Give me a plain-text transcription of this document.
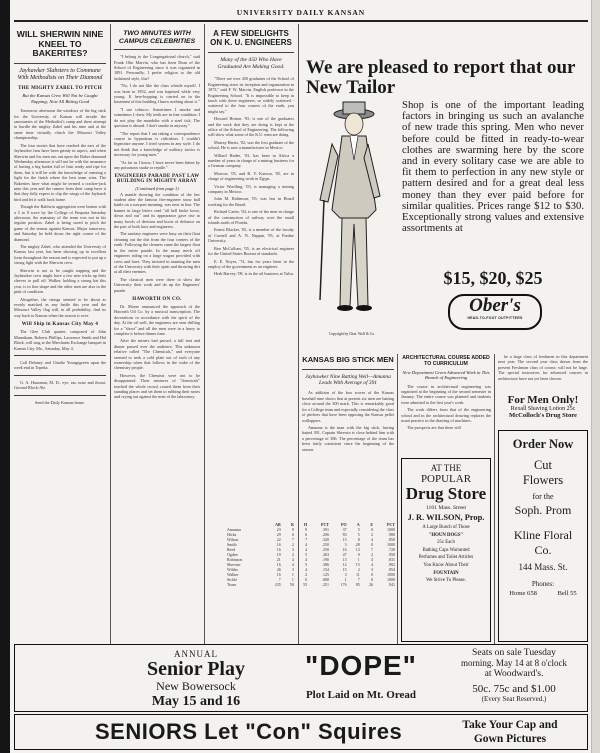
UNIVERSITY DAILY KANSAN
WILL SHERWIN NINE KNEEL TO BAKERITES?
Jayhawker Slabsters to Commune With Methodists on Their Diamond
THE MIGHTY ZABEL TO PITCH
But the Kansas Crew Will Not be Caught Napping; Now All Bitting Good

Tomorrow afternoon the windows of the big stick for the University of Kansas will invade the sanctuaries of the Methodist's camp and there attempt to hurdle the mighty Zabel and his nine and at the same time virtually clinch the Missouri Valley championship.

The four stories that have reached the ears of the Jayhawker fans have been grimly in aspect, and when Sherwin and his men run out upon the Baker diamond Wednesday afternoon it will not be with the assurance of having a big basket full of fruit ready and ripe for them, but it will be with the knowledge of entering a fight for the finish where the best team wins. The Bakerites have what might be termed a cracker-jack nine this year and the rumors from their camp have it that they fully expect to clip the wings of the Jayhawk bird and let it walk back home.

Though the Baldwin aggregation were beaten with a 5 to 0 score by the College of Emporia Saturday afternoon, the mainstay of the team was not in his regular position. Zabel is being saved to pitch the game of the season against Kansas. Major tomorrow, and Saturday he held down the right corner of the diamond.

The mighty Zabel, who attended the University of Kansas last year, has been showing up in excellent form throughout the season and is expected to put up a strong fight with the Sherwin crew.

Sherwin is not to be caught napping and the Jayhawker crew might have a few new tricks up their sleeves to pull off. Walker, holding a strong bat this year, is in fine shape and the other men are also in the pink of condition.

Altogether, the strings seemed to be about as evenly matched as any battle this year and the Missouri Valley flag will, in all probability, find its way back to Kansas when the season is over.

Will Ship in Kansas City May 4

The Glee Club quartet, composed of John Mannikam, Roberts Phillips, Lawrence Smith and Hal Black, will sing at the Merchants Exchange banquet in Kansas City, Mo., Saturday, May 4.

Call Delaney and Charlie Youngsgreen upon the week end in Topeka.

G. A. Hausman, M. D., eye, ear, nose and throat. Ground Block-Ale.

Send the Daily Kansan home.

TWO MINUTES WITH CAMPUS CELEBRITIES

"I belong to the Congregational church," said Frank Olin Marvin, who has been Dean of the School of Engineering since it was organized in 1891. Personally, I prefer religion to the old fashioned style, this?

"No, I do not like the class whistle myself. I was born in 1852, and was baptized while very young. If here-hopping is carried on in the basement of this building I know nothing about it."

"I use tobacco. Sometimes I smoke and sometimes I chew. My teeth are in fine condition. I do not play the mandolin with a steel tick. The question is absurd. I don't smoke in anyway."

"The report that I am taking a correspondence course in hypnotism is ridiculous. I couldn't hypnotize anyone. I tried system in any style. I do not think that a knowledge of military tactics is necessary for young men."

"As far as I know, I have never been bitten by any poisonous snake or reptile."

ENGINEERS PARADE PAST LAW BUILDING IN MIGHTY ARRAY
(Continued from page 1)

A mantle showing the condition of the law student after the famous fire-engineer snow ball battle on a sun-part meaning, was next in line. The banner in large letters read "all hell broke loose, down and out" and its appearance gave rise to many howls of derision and hoots of defiance on the part of both laws and engineers.

The sanitary engineers were busy on their float cleaning out the dirt from the four corners of the earth. Following the cleaners came the largest float in the entire parade. In the many mech off engineers riding on a large wagon provided with cross and hues. They insisted in taunting the men of the University with their spirit and throwing dirt at all their enemies.

The classical men were there to show the University their work and do up the Engineers' parade.

HAWORTH ON CO.

Dr. Moore announced the approach of the Haworth Oil Co. by a musical transcription. The decorations in accordance with the spirit of the day. At the oil well, the engineers are seen drilling for a "shoot" and all the men were in a hurry to complete it before dinner time.

After the miners had passed, a full tent and dinner passed over the audience. This unknown relative called "The Chemicals," and everyone seemed to seek a cold plate out of each of any ownership when that follows in the wake of the chemistry people.

However, the Chemists were not to be disappointed. Their mixtures of "chemicals" reached the whole crowd, routed them from their standing places and set them to rubbing their noses and crying out against the men of the laboratory.

A FEW SIDELIGHTS ON K. U. ENGINEERS
Many of the 450 Who Have Graduated Are Making Good.

"There are over 450 graduates of the School of Engineering since its inception and organization in 1873," said F. W. Marvin, English professor in the Engineering School. "It is impossible to keep in touch with these engineers, so widely scattered - scattered to the four corners of the earth, you might say."

Howard Horton, '95, is one of the graduates and the work that they are doing is kept at the office of the School of Engineering. The following will show what some of the K.U. men are doing.

Murray Harris, '02, was the first graduate of the school. He is now a manufacturer in Mexico.

Willard Hadee, '03, has been in Africa a number of years in charge of a mining business for a German company.

Morrow, '05, and R. Y. Kaeson, '05, are in charge of engineering work in Egypt.

Victor Woolling, '03, is managing a mining company in Mexico.

John M. Robinson, '05, was last in Brazil working for the Brazil.

Richard Carter, '04, is one of the men in charge of the construction of railway over the small islands north of Florida.

Ernest Blacker, '05, is a member of the faculty of Cornell and A. N. Nappin, '95, at Purdue University.

Ben McCollum, '05, is an electrical engineer for the United States Bureau of standards.

E. E. Noyes, '74, has for years been in the employ of the government as an engineer.

Herb Harvey, '08, is in the oil business at Tulsa.

We are pleased to report that our New Tailor
Copyright by Chas. Wolf & Co.
Shop is one of the important leading factors in bringing us such an avalanche of new trade this spring. Men who never before could be fitted in ready-to-wear clothes are swarming here by the score and in every solitary case we are able to fit them to perfection in any new style or pattern desired and for a great deal less money than they ever paid before for similar qualities. Prices range $12 to $30. Exceptionally strong values and extensive assortments at
$15, $20, $25
Ober's
HEAD-TO-FOOT OUTFITTERS
KANSAS BIG STICK MEN
Jayhawker Nine Batting Well—Amunna Leads With Average of 391

As addition of the box scores of the Kansas baseball nine shows that at present six men are batting close around the 300 mark. This is remarkably good for a College team and especially considering the class of pitchers that have been opposing the Kansas pellet walloppers.

Amunna is the man with the big stick, having batted 391. Captain Sherwin is close behind him with a percentage of 386. The percentage of the team has been fairly consistent since the beginning of the season.

	AB	R	H	PCT	PO	A	E	PCT
Amunna	23	9	9	.391	37	5	0	1000
Hicks	29	6	6	.206	83	5	2	.980
Wilson	22	7	7	.320	15	8	4	.850
Smith	16	2	4	.250	3	28	0	1000
Reed	16	3	4	.250	16	13	7	.720
Ogden	19	2	5	.263	47	0	2	.950
Robinson	21	4	4	.190	13	1	4	.831
Sherwin	16	4	5	.386	12	15	4	.902
Wilder	26	3	4	.154	15	2	3	.854
Walker	16	1	2	.125	3	11	0	1000
Sickle	7	1	0	.000	1	7	0	1000
Team	235	50	55	.251	176	85	26	.941
ARCHITECTURAL COURSE ADDED TO CURRICULUM
New Department Given Advanced Work in This Branch of Engineering

The course in architectural engineering was organized at the beginning of the second semester in January. The entire course was planned and students were admitted to the first year's work.

The work differs from that of the engineering school and in the architectural drawing replaces the usual practice in the drawing of machines.

The prospects are that there will

AT THE
POPULAR
Drug Store
1101 Mass. Street
J. R. WILSON, Prop.
A Large Bunch of Those
"HOUN DOGS"
25c Each
Bathing Caps Warranted
Perfumes and Toilet Articles
You Know About Their
FOUNTAIN
We Strive To Please.

be a large class of freshmen in this department next year. The second year class drawn from the present Freshman class of course, will not be large. The special instructors for advanced courses in architecture have not yet been chosen.

For Men Only!
Rexall Shaving Lotion 25c
McColloch's Drug Store
Order Now
Cut
Flowers
for the
Soph. Prom
Kline Floral
Co.
144 Mass. St.
Phones:
Home 658	Bell 55
ANNUAL
Senior Play
New Bowersock
May 15 and 16
"DOPE"
Plot Laid on Mt. Oread
Seats on sale Tuesday
morning. May 14 at 8 o'clock
at Woodward's.
50c. 75c and $1.00
(Every Seat Reserved.)
SENIORS Let "Con" Squires	Take Your Cap and
Gown Pictures
